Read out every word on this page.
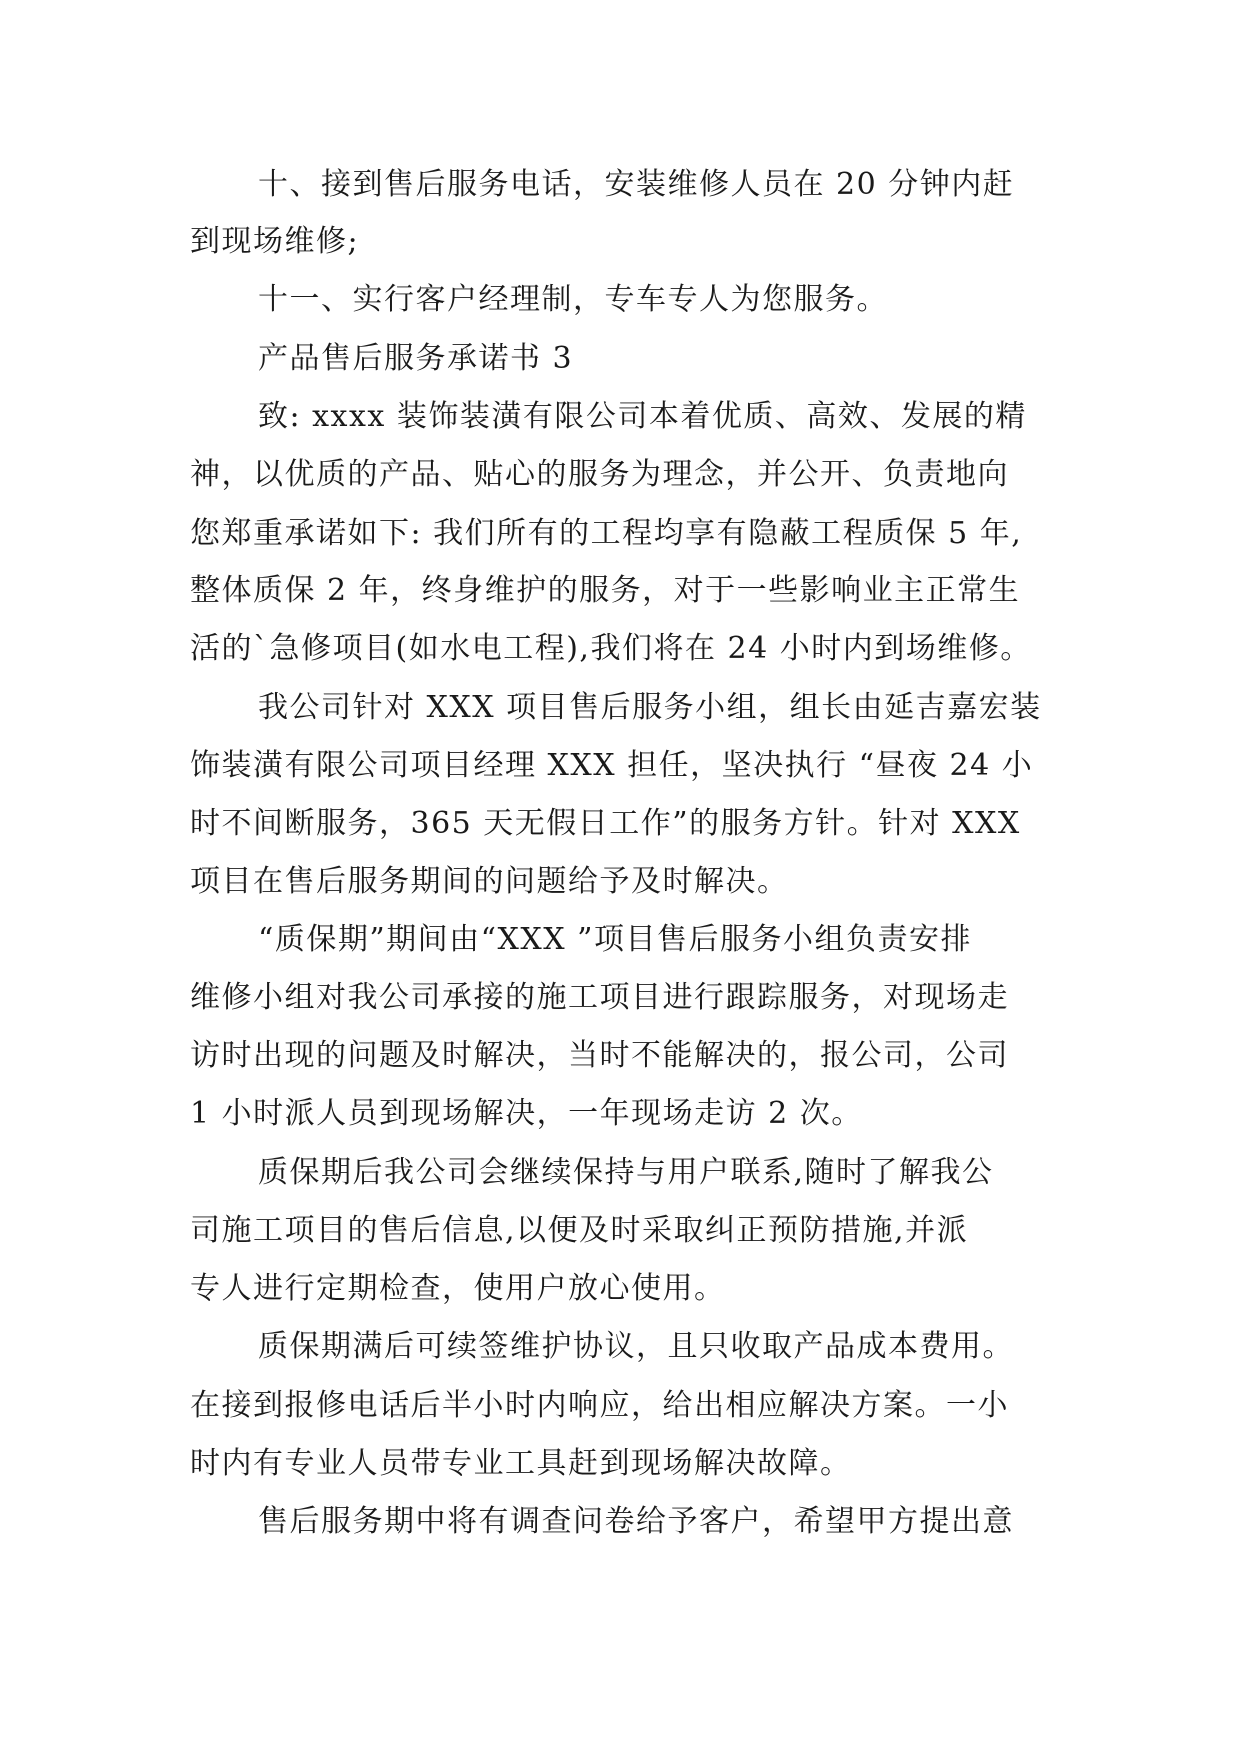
十、接到售后服务电话，安装维修人员在 20 分钟内赶
到现场维修;
十一、实行客户经理制，专车专人为您服务。
产品售后服务承诺书 3
致: xxxx 装饰装潢有限公司本着优质、高效、发展的精
神，以优质的产品、贴心的服务为理念，并公开、负责地向
您郑重承诺如下: 我们所有的工程均享有隐蔽工程质保 5 年,
整体质保 2 年，终身维护的服务，对于一些影响业主正常生
活的`急修项目(如水电工程),我们将在 24 小时内到场维修。
我公司针对 XXX 项目售后服务小组，组长由延吉嘉宏装
饰装潢有限公司项目经理 XXX 担任，坚决执行 “昼夜 24 小
时不间断服务，365 天无假日工作”的服务方针。针对 XXX
项目在售后服务期间的问题给予及时解决。
“质保期”期间由“XXX ”项目售后服务小组负责安排
维修小组对我公司承接的施工项目进行跟踪服务，对现场走
访时出现的问题及时解决，当时不能解决的，报公司，公司
1 小时派人员到现场解决，一年现场走访 2 次。
质保期后我公司会继续保持与用户联系,随时了解我公
司施工项目的售后信息,以便及时采取纠正预防措施,并派
专人进行定期检查，使用户放心使用。
质保期满后可续签维护协议，且只收取产品成本费用。
在接到报修电话后半小时内响应，给出相应解决方案。一小
时内有专业人员带专业工具赶到现场解决故障。
售后服务期中将有调查问卷给予客户，希望甲方提出意
